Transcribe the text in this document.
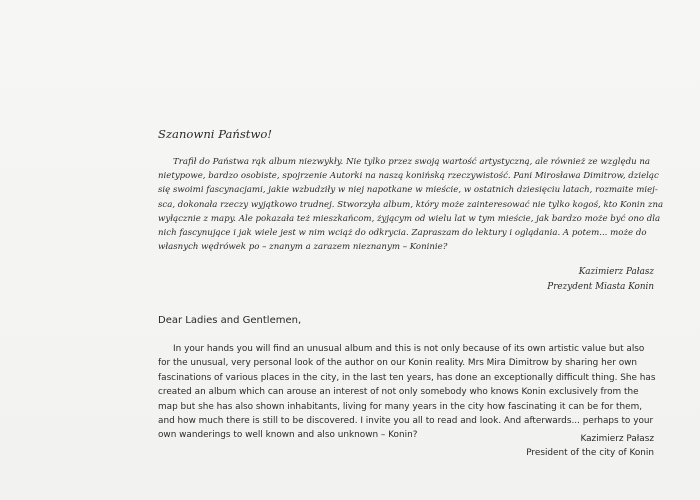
Szanowni Państwo!

Trafił do Państwa rąk album niezwykły. Nie tylko przez swoją wartość artystyczną, ale również ze względu na

nietypowe, bardzo osobiste, spojrzenie Autorki na naszą konińską rzeczywistość. Pani Mirosława Dimitrow, dzieląc

się swoimi fascynacjami, jakie wzbudziły w niej napotkane w mieście, w ostatnich dziesięciu latach, rozmaite miej-

sca, dokonała rzeczy wyjątkowo trudnej. Stworzyła album, który może zainteresować nie tylko kogoś, kto Konin zna

wyłącznie z mapy. Ale pokazała też mieszkańcom, żyjącym od wielu lat w tym mieście, jak bardzo może być ono dla

nich fascynujące i jak wiele jest w nim wciąż do odkrycia. Zapraszam do lektury i oglądania. A potem... może do

własnych wędrówek po – znanym a zarazem nieznanym – Koninie?

Kazimierz Pałasz
Prezydent Miasta Konin

Dear Ladies and Gentlemen,

In your hands you will find an unusual album and this is not only because of its own artistic value but also

for the unusual, very personal look of the author on our Konin reality. Mrs Mira Dimitrow by sharing her own

fascinations of various places in the city, in the last ten years, has done an exceptionally difficult thing. She has

created an album which can arouse an interest of not only somebody who knows Konin exclusively from the

map but she has also shown inhabitants, living for many years in the city how fascinating it can be for them,

and how much there is still to be discovered. I invite you all to read and look. And afterwards... perhaps to your

own wanderings to well known and also unknown – Konin?	Kazimierz Pałasz
President of the city of Konin
